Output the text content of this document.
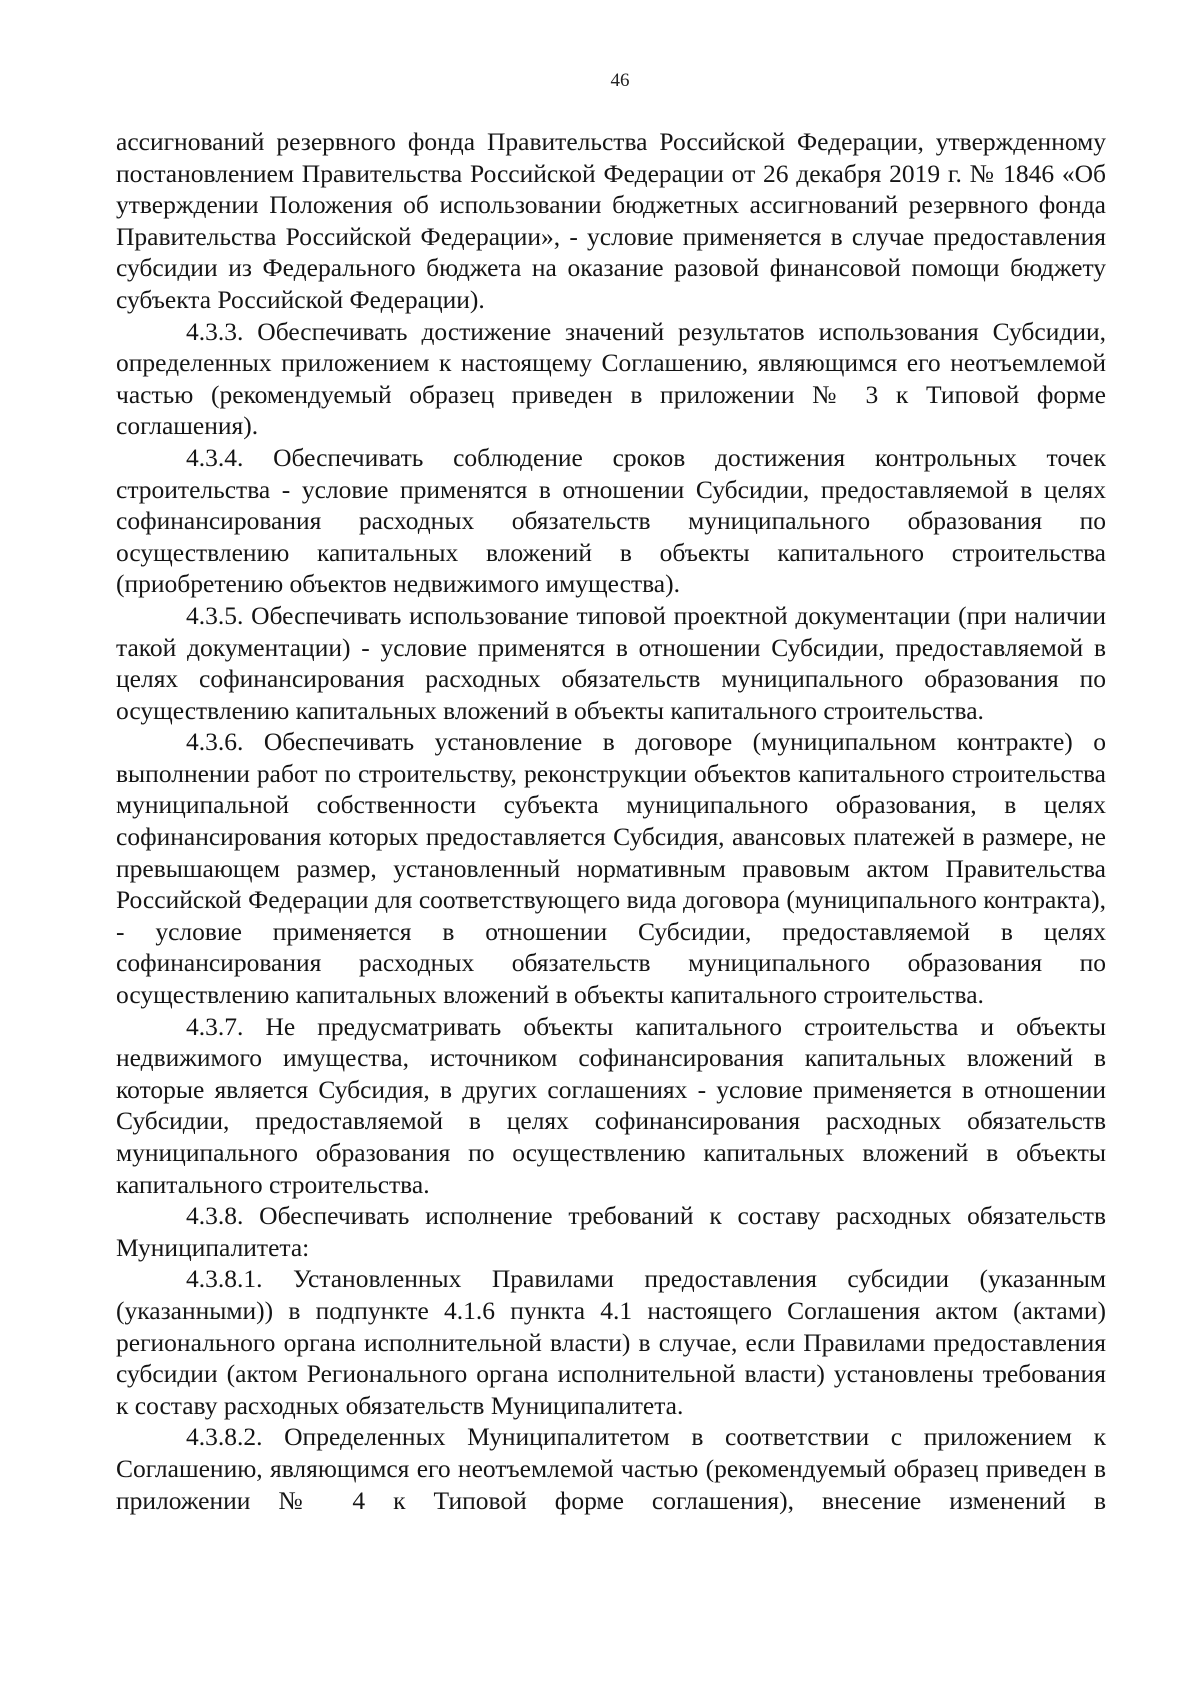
46

ассигнований резервного фонда Правительства Российской Федерации, утвержденному постановлением Правительства Российской Федерации от 26 декабря 2019 г. № 1846 «Об утверждении Положения об использовании бюджетных ассигнований резервного фонда Правительства Российской Федерации», - условие применяется в случае предоставления субсидии из Федерального бюджета на оказание разовой финансовой помощи бюджету субъекта Российской Федерации).

4.3.3. Обеспечивать достижение значений результатов использования Субсидии, определенных приложением к настоящему Соглашению, являющимся его неотъемлемой частью (рекомендуемый образец приведен в приложении № 3 к Типовой форме соглашения).

4.3.4. Обеспечивать соблюдение сроков достижения контрольных точек строительства - условие применятся в отношении Субсидии, предоставляемой в целях софинансирования расходных обязательств муниципального образования по осуществлению капитальных вложений в объекты капитального строительства (приобретению объектов недвижимого имущества).

4.3.5. Обеспечивать использование типовой проектной документации (при наличии такой документации) - условие применятся в отношении Субсидии, предоставляемой в целях софинансирования расходных обязательств муниципального образования по осуществлению капитальных вложений в объекты капитального строительства.

4.3.6. Обеспечивать установление в договоре (муниципальном контракте) о выполнении работ по строительству, реконструкции объектов капитального строительства муниципальной собственности субъекта муниципального образования, в целях софинансирования которых предоставляется Субсидия, авансовых платежей в размере, не превышающем размер, установленный нормативным правовым актом Правительства Российской Федерации для соответствующего вида договора (муниципального контракта), - условие применяется в отношении Субсидии, предоставляемой в целях софинансирования расходных обязательств муниципального образования по осуществлению капитальных вложений в объекты капитального строительства.

4.3.7. Не предусматривать объекты капитального строительства и объекты недвижимого имущества, источником софинансирования капитальных вложений в которые является Субсидия, в других соглашениях - условие применяется в отношении Субсидии, предоставляемой в целях софинансирования расходных обязательств муниципального образования по осуществлению капитальных вложений в объекты капитального строительства.

4.3.8. Обеспечивать исполнение требований к составу расходных обязательств Муниципалитета:

4.3.8.1. Установленных Правилами предоставления субсидии (указанным (указанными)) в подпункте 4.1.6 пункта 4.1 настоящего Соглашения актом (актами) регионального органа исполнительной власти) в случае, если Правилами предоставления субсидии (актом Регионального органа исполнительной власти) установлены требования к составу расходных обязательств Муниципалитета.

4.3.8.2. Определенных Муниципалитетом в соответствии с приложением к Соглашению, являющимся его неотъемлемой частью (рекомендуемый образец приведен в приложении № 4 к Типовой форме соглашения), внесение изменений в
